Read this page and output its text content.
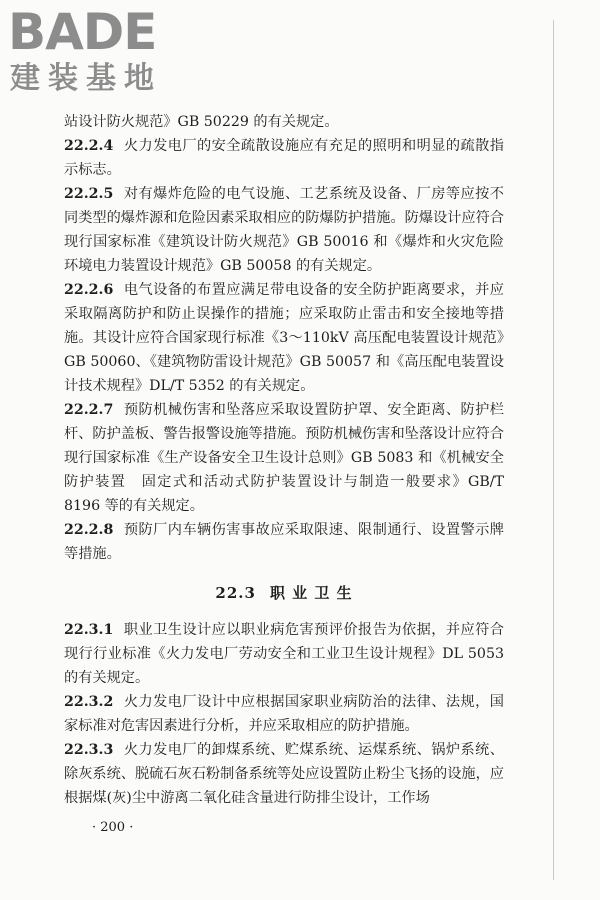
BADE
建装基地

站设计防火规范》GB 50229 的有关规定。

22.2.4 火力发电厂的安全疏散设施应有充足的照明和明显的疏散指示标志。

22.2.5 对有爆炸危险的电气设施、工艺系统及设备、厂房等应按不同类型的爆炸源和危险因素采取相应的防爆防护措施。防爆设计应符合现行国家标准《建筑设计防火规范》GB 50016 和《爆炸和火灾危险环境电力装置设计规范》GB 50058 的有关规定。

22.2.6 电气设备的布置应满足带电设备的安全防护距离要求，并应采取隔离防护和防止误操作的措施；应采取防止雷击和安全接地等措施。其设计应符合国家现行标准《3～110kV 高压配电装置设计规范》GB 50060、《建筑物防雷设计规范》GB 50057 和《高压配电装置设计技术规程》DL/T 5352 的有关规定。

22.2.7 预防机械伤害和坠落应采取设置防护罩、安全距离、防护栏杆、防护盖板、警告报警设施等措施。预防机械伤害和坠落设计应符合现行国家标准《生产设备安全卫生设计总则》GB 5083 和《机械安全　防护装置　固定式和活动式防护装置设计与制造一般要求》GB/T 8196 等的有关规定。

22.2.8 预防厂内车辆伤害事故应采取限速、限制通行、设置警示牌等措施。

22.3 职 业 卫 生

22.3.1 职业卫生设计应以职业病危害预评价报告为依据，并应符合现行行业标准《火力发电厂劳动安全和工业卫生设计规程》DL 5053 的有关规定。

22.3.2 火力发电厂设计中应根据国家职业病防治的法律、法规，国家标准对危害因素进行分析，并应采取相应的防护措施。

22.3.3 火力发电厂的卸煤系统、贮煤系统、运煤系统、锅炉系统、除灰系统、脱硫石灰石粉制备系统等处应设置防止粉尘飞扬的设施，应根据煤(灰)尘中游离二氧化硅含量进行防排尘设计，工作场

· 200 ·
